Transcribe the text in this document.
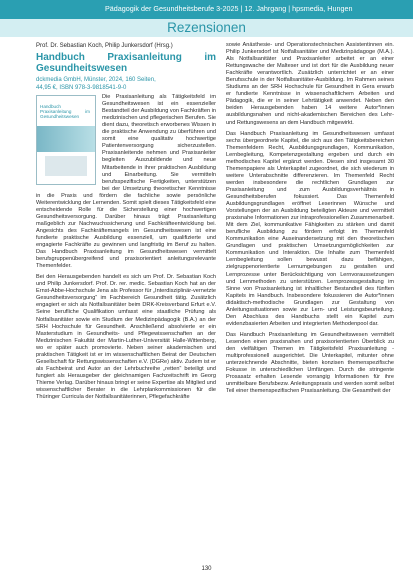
Pädagogik der Gesundheitsberufe 3-2025 | 12. Jahrgang | hpsmedia, Hungen
Rezensionen
Prof. Dr. Sebastian Koch, Philip Junkersdorf (Hrsg.)
Handbuch Praxisanleitung im Gesundheitswesen
dckmedia GmbH, Münster, 2024, 160 Seiten,
44,95 €, ISBN 978-3-9818541-9-0
Handbuch Praxisanleitung im Gesundheitswesen

Die Praxisanleitung als Tätigkeitsfeld im Gesundheitswesen ist ein essenzieller Bestandteil der Ausbildung von Fachkräften in medizinischen und pflegerischen Berufen. Sie dient dazu, theoretisch erworbenes Wissen in die praktische Anwendung zu überführen und somit eine qualitativ hochwertige Patientenversorgung sicherzustellen. Praxisanleitende nehmen und Praxisanleiter begleiten Auszubildende und neue Mitarbeitende in ihrer praktischen Ausbildung und Einarbeitung. Sie vermitteln berufsspezifische Fertigkeiten, unterstützen bei der Umsetzung theoretischer Kenntnisse in die Praxis und fördern die fachliche sowie persönliche Weiterentwicklung der Lernenden. Somit spielt dieses Tätigkeitsfeld eine entscheidende Rolle für die Sicherstellung einer hochwertigen Gesundheitsversorgung. Darüber hinaus trägt Praxisanleitung maßgeblich zur Nachwuchssicherung und Fachkräfteentwicklung bei. Angesichts des Fachkräftemangels im Gesundheitswesen ist eine fundierte praktische Ausbildung essenziell, um qualifizierte und engagierte Fachkräfte zu gewinnen und langfristig im Beruf zu halten. Das Handbuch Praxisanleitung im Gesundheitswesen vermittelt berufsgruppenübergreifend und praxisorientiert anleitungsrelevante Themenfelder.

Bei den Herausgebenden handelt es sich um Prof. Dr. Sebastian Koch und Philip Junkersdorf. Prof. Dr. rer. medic. Sebastian Koch hat an der Ernst-Abbe-Hochschule Jena als Professor für „Interdisziplinär-vernetzte Gesundheitsversorgung“ im Fachbereich Gesundheit tätig. Zusätzlich engagiert er sich als Notfallsanitäter beim DRK-Kreisverband Erfurt e.V. Seine berufliche Qualifikation umfasst eine staatliche Prüfung als Notfallsanitäter sowie ein Studium der Medizinpädagogik (B.A.) an der SRH Hochschule für Gesundheit. Anschließend absolvierte er ein Masterstudium in Gesundheits- und Pflegewissenschaften an der Medizinischen Fakultät der Martin-Luther-Universität Halle-Wittenberg, wo er später auch promovierte. Neben seiner akademischen und praktischen Tätigkeit ist er im wissenschaftlichen Beirat der Deutschen Gesellschaft für Rettungswissenschaften e.V. (DGRe) aktiv. Zudem ist er als Fachbeirat und Autor an der Lehrbuchreihe „retten“ beteiligt und fungiert als Herausgeber der gleichnamigen Fachzeitschrift im Georg Thieme Verlag. Darüber hinaus bringt er seine Expertise als Mitglied und wissenschaftlicher Berater in die Lehrplankommissionen für die Thüringer Curricula der Notfallsanitäterinnen, Pflegefachkräfte

sowie Anästhesie- und Operationstechnischen Assistentinnen ein. Philip Junkersdorf ist Notfallsanitäter und Medizinpädagoge (M.A.). Als Notfallsanitäter und Praxisanleiter arbeitet er an einer Rettungswache der Malteser und ist dort für die Ausbildung neuer Fachkräfte verantwortlich. Zusätzlich unterrichtet er an einer Berufsschule in der Notfallsanitäter-Ausbildung. Im Rahmen seines Studiums an der SRH Hochschule für Gesundheit in Gera erwarb er fundierte Kenntnisse in wissenschaftlichem Arbeiten und Pädagogik, die er in seiner Lehrtätigkeit anwendet. Neben den beiden Herausgebenden haben 14 weitere Autor*innen ausbildungsnahen und nicht-akademischen Bereichen des Lehr- und Rettungswesens an dem Handbuch mitgewirkt.

Das Handbuch Praxisanleitung im Gesundheitswesen umfasst sechs übergeordnete Kapitel, die sich aus den Tätigkeitsbereichen Themenfeldern Recht, Ausbildungsgrundlagen, Kommunikation, Lernbegleitung, Kompetenzgestaltung ergeben und durch ein methodisches Kapitel ergänzt werden. Diesen sind insgesamt 30 Themenpapiere als Unterkapitel zugeordnet, die sich wiederum in weitere Unterabschnitte differenzieren. Im Themenfeld Recht werden insbesondere die rechtlichen Grundlagen zur Praxisanleitung und zum Ausbildungsverhältnis in Gesundheitsberufen fokussiert. Das Themenfeld Ausbildungsgrundlagen eröffnet Leserinnen Wünsche und Vorstellungen der an Ausbildung beteiligten Akteure und vermittelt praxisnahe Informationen zur intraprofessionellen Zusammenarbeit. Mit dem Ziel, kommunikative Fähigkeiten zu stärken und damit berufliche Ausbildung zu fördern erfolgt im Themenfeld Kommunikation eine Auseinandersetzung mit den theoretischen Grundlagen und praktischen Umsetzungsmöglichkeiten zur Kommunikation und Interaktion. Die Inhalte zum Themenfeld Lernbegleitung sollen bewusst dazu befähigen, zielgruppenorientierte Lernumgebungen zu gestalten und Lernprozesse unter Berücksichtigung von Lernvoraussetzungen und Lernmethoden zu unterstützen. Lernprozessgestaltung im Sinne von Praxisanleitung ist inhaltlicher Bestandteil des fünften Kapitels im Handbuch. Insbesondere fokussieren die Autor*innen didaktisch-methodische Grundlagen zur Gestaltung von Anleitungssituationen sowie zur Lern- und Leistungsbeurteilung. Den Abschluss des Handbuchs stellt ein Kapitel zum evidenzbasierten Arbeiten und integrierten Methodenpool dar.

Das Handbuch Praxisanleitung im Gesundheitswesen vermittelt Lesenden einen praxisnahen und praxisorientierten Überblick zu den vielfältigen Themen im Tätigkeitsfeld Praxisanleitung - multiprofessionell ausgerichtet. Die Unterkapitel, mitunter ohne unterzeichnende Abschnitte, bieten konzisen themenspezifische Fokusse in unterschiedlichen Umfängen. Durch die stringente Prosasatz erhalten Lesende vorrangig Informationen für ihre unmittelbare Berufsbezw. Anleitungspraxis und werden somit selbst Teil einer themenspezifischen Praxisanleitung. Die Gesamtheit der

130
